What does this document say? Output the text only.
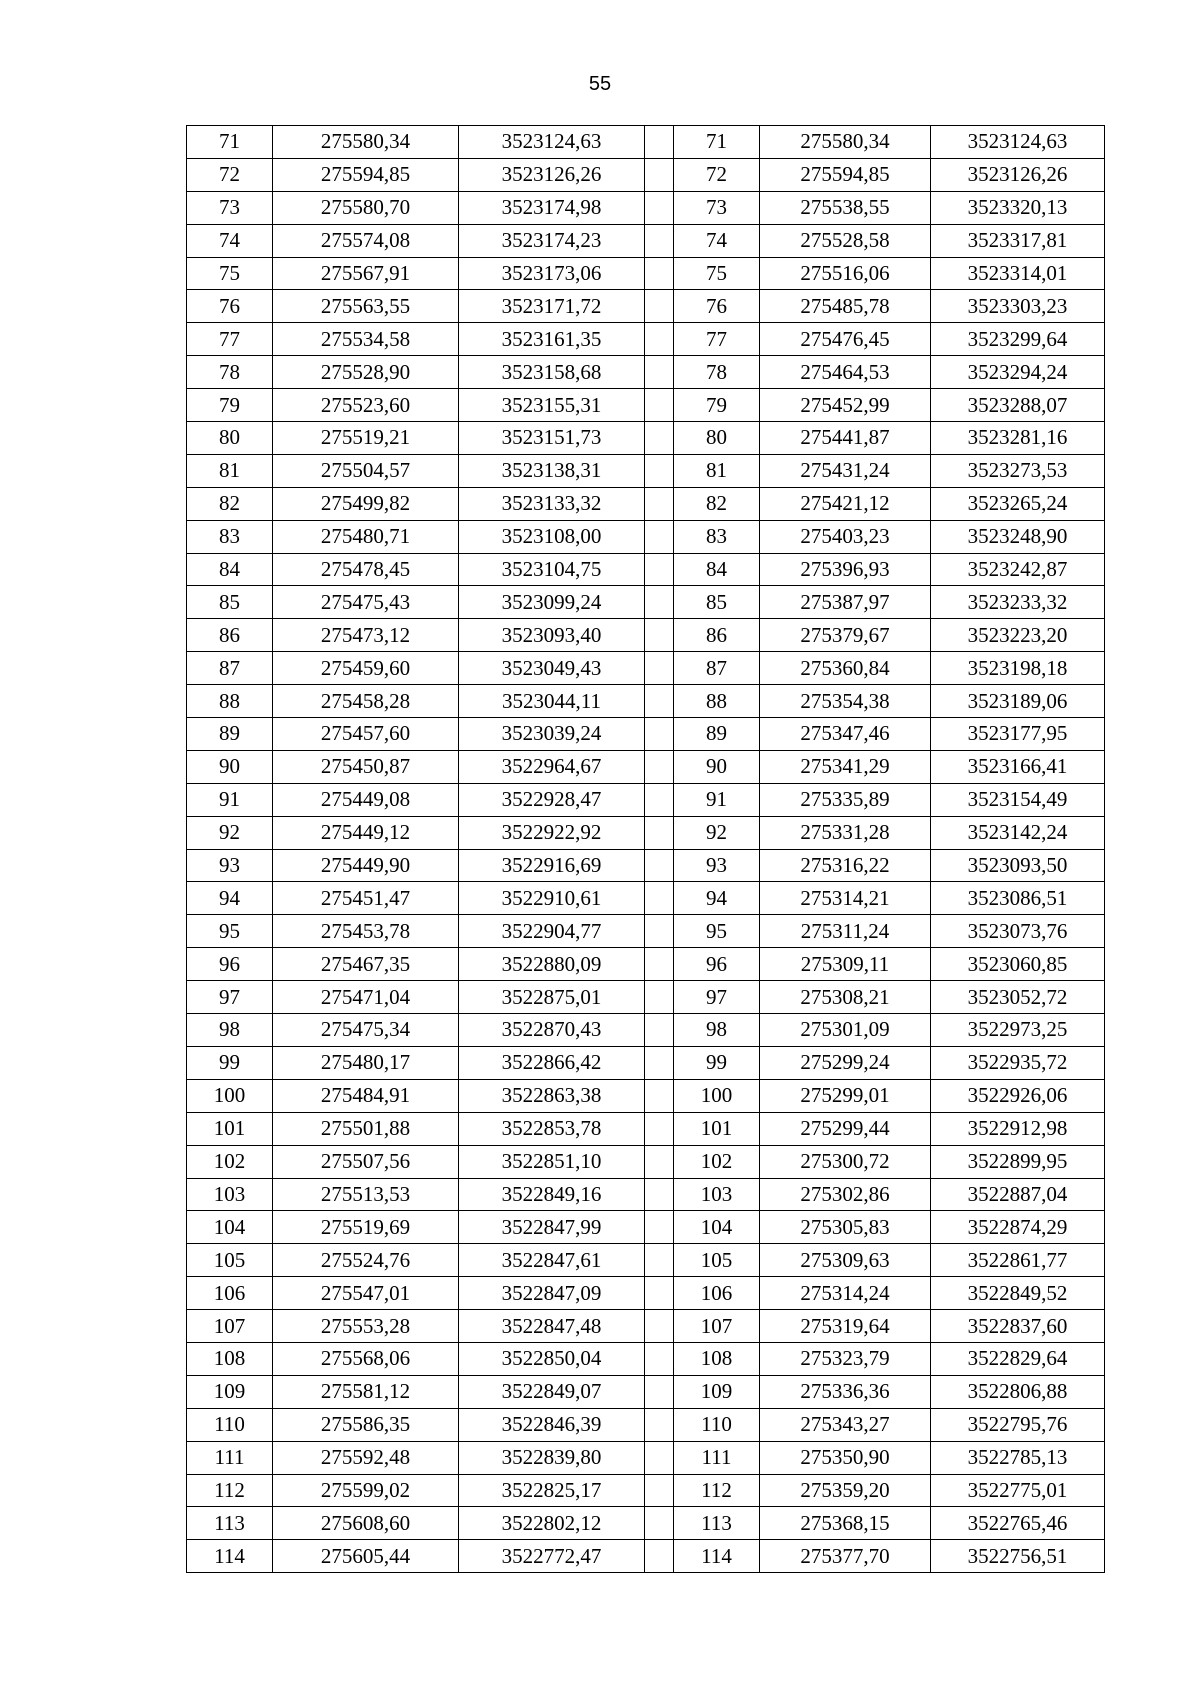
55
71	275580,34	3523124,63		71	275580,34	3523124,63
72	275594,85	3523126,26		72	275594,85	3523126,26
73	275580,70	3523174,98		73	275538,55	3523320,13
74	275574,08	3523174,23		74	275528,58	3523317,81
75	275567,91	3523173,06		75	275516,06	3523314,01
76	275563,55	3523171,72		76	275485,78	3523303,23
77	275534,58	3523161,35		77	275476,45	3523299,64
78	275528,90	3523158,68		78	275464,53	3523294,24
79	275523,60	3523155,31		79	275452,99	3523288,07
80	275519,21	3523151,73		80	275441,87	3523281,16
81	275504,57	3523138,31		81	275431,24	3523273,53
82	275499,82	3523133,32		82	275421,12	3523265,24
83	275480,71	3523108,00		83	275403,23	3523248,90
84	275478,45	3523104,75		84	275396,93	3523242,87
85	275475,43	3523099,24		85	275387,97	3523233,32
86	275473,12	3523093,40		86	275379,67	3523223,20
87	275459,60	3523049,43		87	275360,84	3523198,18
88	275458,28	3523044,11		88	275354,38	3523189,06
89	275457,60	3523039,24		89	275347,46	3523177,95
90	275450,87	3522964,67		90	275341,29	3523166,41
91	275449,08	3522928,47		91	275335,89	3523154,49
92	275449,12	3522922,92		92	275331,28	3523142,24
93	275449,90	3522916,69		93	275316,22	3523093,50
94	275451,47	3522910,61		94	275314,21	3523086,51
95	275453,78	3522904,77		95	275311,24	3523073,76
96	275467,35	3522880,09		96	275309,11	3523060,85
97	275471,04	3522875,01		97	275308,21	3523052,72
98	275475,34	3522870,43		98	275301,09	3522973,25
99	275480,17	3522866,42		99	275299,24	3522935,72
100	275484,91	3522863,38		100	275299,01	3522926,06
101	275501,88	3522853,78		101	275299,44	3522912,98
102	275507,56	3522851,10		102	275300,72	3522899,95
103	275513,53	3522849,16		103	275302,86	3522887,04
104	275519,69	3522847,99		104	275305,83	3522874,29
105	275524,76	3522847,61		105	275309,63	3522861,77
106	275547,01	3522847,09		106	275314,24	3522849,52
107	275553,28	3522847,48		107	275319,64	3522837,60
108	275568,06	3522850,04		108	275323,79	3522829,64
109	275581,12	3522849,07		109	275336,36	3522806,88
110	275586,35	3522846,39		110	275343,27	3522795,76
111	275592,48	3522839,80		111	275350,90	3522785,13
112	275599,02	3522825,17		112	275359,20	3522775,01
113	275608,60	3522802,12		113	275368,15	3522765,46
114	275605,44	3522772,47		114	275377,70	3522756,51
